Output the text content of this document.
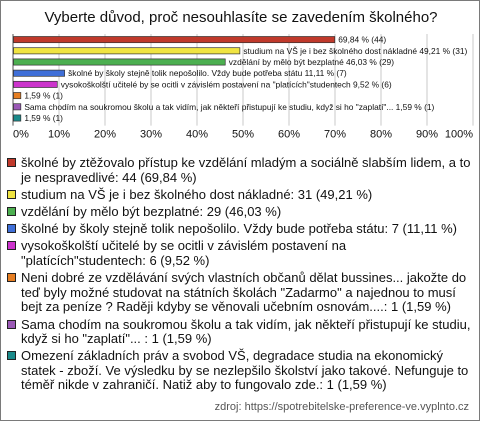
Vyberte důvod, proč nesouhlasíte se zavedením školného?
69,84 % (44)
studium na VŠ je i bez školného dost nákladné 49,21 % (31)
vzdělání by mělo být bezplatné 46,03 % (29)
školné by školy stejně tolik nepošolilo. Vždy bude potřeba státu 11,11 % (7)
vysokoškolští učitelé by se ocitli v závislém postavení na "platících"studentech 9,52 % (6)
1,59 % (1)
Sama chodím na soukromou školu a tak vidím, jak někteří přistupují ke studiu, když si ho "zaplatí"... 1,59 % (1)
1,59 % (1)
0% 10% 20% 30% 40% 50% 60% 70% 80% 90% 100%
školné by ztěžovalo přístup ke vzdělání mladým a sociálně slabším lidem, a to je nespravedlivé: 44 (69,84 %)
studium na VŠ je i bez školného dost nákladné: 31 (49,21 %)
vzdělání by mělo být bezplatné: 29 (46,03 %)
školné by školy stejně tolik nepošolilo. Vždy bude potřeba státu: 7 (11,11 %)
vysokoškolští učitelé by se ocitli v závislém postavení na "platících"studentech: 6 (9,52 %)
Neni dobré ze vzdělávání svých vlastních občanů dělat bussines... jakožte do teď byly možné studovat na státních školách "Zadarmo" a najednou to musí bejt za peníze ? Raději kdyby se věnovali učebním osnovám....: 1 (1,59 %)
Sama chodím na soukromou školu a tak vidím, jak někteří přistupují ke studiu, když si ho "zaplatí"... : 1 (1,59 %)
Omezení základních práv a svobod VŠ, degradace studia na ekonomický statek - zboží. Ve výsledku by se nezlepšilo školství jako takové. Nefunguje to téměř nikde v zahraničí. Natiž aby to fungovalo zde.: 1 (1,59 %)
zdroj: https://spotrebitelske-preference-ve.vyplnto.cz
